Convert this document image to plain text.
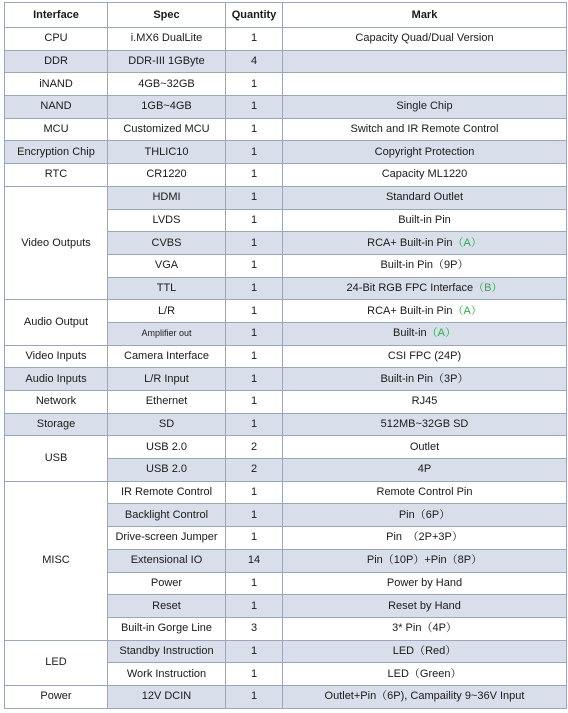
Interface	Spec	Quantity	Mark
CPU	i.MX6 DualLite	1	Capacity Quad/Dual Version
DDR	DDR-III 1GByte	4	
iNAND	4GB~32GB	1	
NAND	1GB~4GB	1	Single Chip
MCU	Customized MCU	1	Switch and IR Remote Control
Encryption Chip	THLIC10	1	Copyright Protection
RTC	CR1220	1	Capacity ML1220
Video Outputs	HDMI	1	Standard Outlet
	LVDS	1	Built-in Pin
	CVBS	1	RCA+ Built-in Pin（A）
	VGA	1	Built-in Pin（9P）
	TTL	1	24-Bit RGB FPC Interface（B）
Audio Output	L/R	1	RCA+ Built-in Pin（A）
	Amplifier out	1	Built-in（A）
Video Inputs	Camera Interface	1	CSI FPC (24P)
Audio Inputs	L/R Input	1	Built-in Pin（3P）
Network	Ethernet	1	RJ45
Storage	SD	1	512MB~32GB SD
USB	USB 2.0	2	Outlet
	USB 2.0	2	4P
MISC	IR Remote Control	1	Remote Control Pin
	Backlight Control	1	Pin（6P）
	Drive-screen Jumper	1	Pin　（2P+3P）
	Extensional IO	14	Pin（10P）+Pin（8P）
	Power	1	Power by Hand
	Reset	1	Reset by Hand
	Built-in Gorge Line	3	3* Pin（4P）
LED	Standby Instruction	1	LED（Red）
	Work Instruction	1	LED（Green）
Power	12V DCIN	1	Outlet+Pin（6P), Campaility 9~36V Input
